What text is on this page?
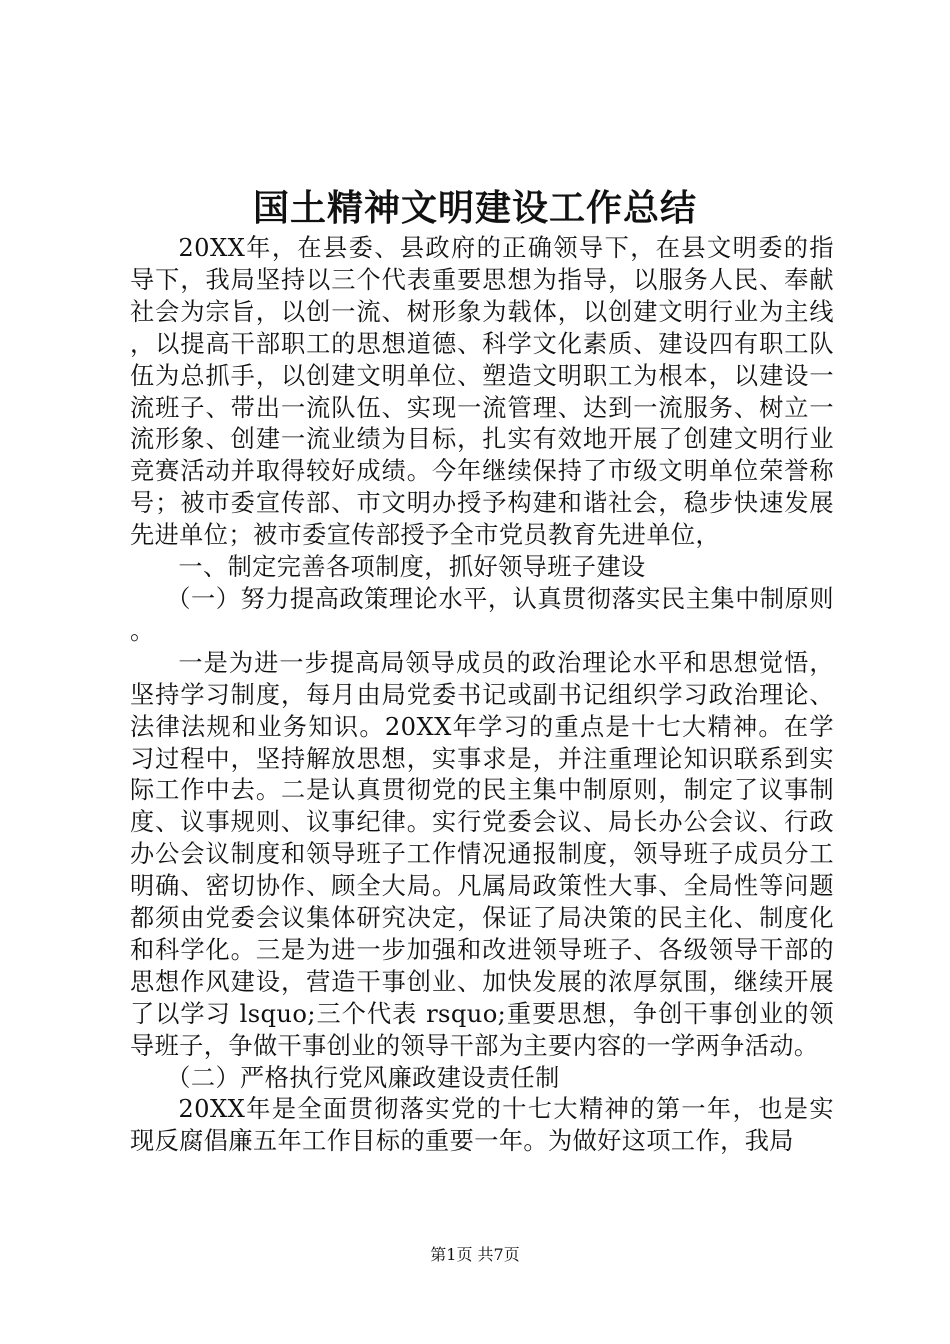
国土精神文明建设工作总结

20XX年，在县委、县政府的正确领导下，在县文明委的指导下，我局坚持以三个代表重要思想为指导，以服务人民、奉献社会为宗旨，以创一流、树形象为载体，以创建文明行业为主线，以提高干部职工的思想道德、科学文化素质、建设四有职工队伍为总抓手，以创建文明单位、塑造文明职工为根本，以建设一流班子、带出一流队伍、实现一流管理、达到一流服务、树立一流形象、创建一流业绩为目标，扎实有效地开展了创建文明行业竞赛活动并取得较好成绩。今年继续保持了市级文明单位荣誉称号；被市委宣传部、市文明办授予构建和谐社会，稳步快速发展先进单位；被市委宣传部授予全市党员教育先进单位，

一、制定完善各项制度，抓好领导班子建设

（一）努力提高政策理论水平，认真贯彻落实民主集中制原则。

一是为进一步提高局领导成员的政治理论水平和思想觉悟，坚持学习制度，每月由局党委书记或副书记组织学习政治理论、法律法规和业务知识。20XX年学习的重点是十七大精神。在学习过程中，坚持解放思想，实事求是，并注重理论知识联系到实际工作中去。二是认真贯彻党的民主集中制原则，制定了议事制度、议事规则、议事纪律。实行党委会议、局长办公会议、行政办公会议制度和领导班子工作情况通报制度，领导班子成员分工明确、密切协作、顾全大局。凡属局政策性大事、全局性等问题都须由党委会议集体研究决定，保证了局决策的民主化、制度化和科学化。三是为进一步加强和改进领导班子、各级领导干部的思想作风建设，营造干事创业、加快发展的浓厚氛围，继续开展了以学习 lsquo;三个代表 rsquo;重要思想，争创干事创业的领导班子，争做干事创业的领导干部为主要内容的一学两争活动。

（二）严格执行党风廉政建设责任制

20XX年是全面贯彻落实党的十七大精神的第一年，也是实现反腐倡廉五年工作目标的重要一年。为做好这项工作，我局

第1页 共7页
